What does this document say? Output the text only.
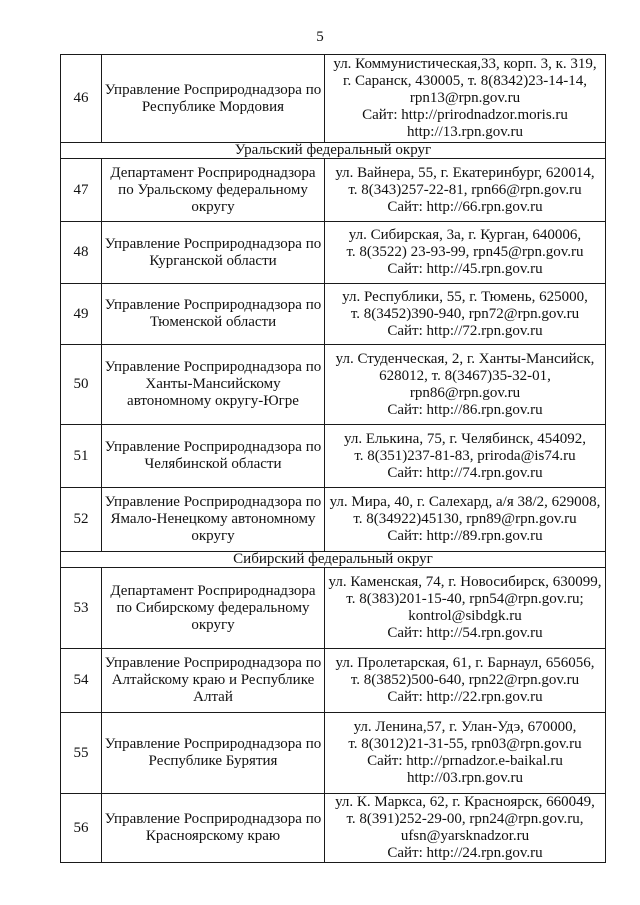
5
46	Управление Росприроднадзора по
Республике Мордовия	ул. Коммунистическая,33, корп. 3, к. 319,
г. Саранск, 430005, т. 8(8342)23-14-14,
rpn13@rpn.gov.ru
Сайт: http://prirodnadzor.moris.ru
http://13.rpn.gov.ru

Уральский федеральный округ		
47	Департамент Росприроднадзора
по Уральскому федеральному
округу	ул. Вайнера, 55, г. Екатеринбург, 620014,
т. 8(343)257-22-81, rpn66@rpn.gov.ru
Сайт: http://66.rpn.gov.ru

48	Управление Росприроднадзора по
Курганской области	ул. Сибирская, 3а, г. Курган, 640006,
т. 8(3522) 23-93-99, rpn45@rpn.gov.ru
Сайт: http://45.rpn.gov.ru

49	Управление Росприроднадзора по
Тюменской области	ул. Республики, 55, г. Тюмень, 625000,
т. 8(3452)390-940, rpn72@rpn.gov.ru
Сайт: http://72.rpn.gov.ru

50	Управление Росприроднадзора по
Ханты-Мансийскому
автономному округу-Югре	ул. Студенческая, 2, г. Ханты-Мансийск,
628012, т. 8(3467)35-32-01,
rpn86@rpn.gov.ru
Сайт: http://86.rpn.gov.ru

51	Управление Росприроднадзора по
Челябинской области	ул. Елькина, 75, г. Челябинск, 454092,
т. 8(351)237-81-83, priroda@is74.ru
Сайт: http://74.rpn.gov.ru

52	Управление Росприроднадзора по
Ямало-Ненецкому автономному
округу	ул. Мира, 40, г. Салехард, а/я 38/2, 629008,
т. 8(34922)45130, rpn89@rpn.gov.ru
Сайт: http://89.rpn.gov.ru

Сибирский федеральный округ		
53	Департамент Росприроднадзора
по Сибирскому федеральному
округу	ул. Каменская, 74, г. Новосибирск, 630099,
т. 8(383)201-15-40, rpn54@rpn.gov.ru;
kontrol@sibdgk.ru
Сайт: http://54.rpn.gov.ru

54	Управление Росприроднадзора по
Алтайскому краю и Республике
Алтай	ул. Пролетарская, 61, г. Барнаул, 656056,
т. 8(3852)500-640, rpn22@rpn.gov.ru
Сайт: http://22.rpn.gov.ru

55	Управление Росприроднадзора по
Республике Бурятия	ул. Ленина,57, г. Улан-Удэ, 670000,
т. 8(3012)21-31-55, rpn03@rpn.gov.ru
Сайт: http://prnadzor.e-baikal.ru
http://03.rpn.gov.ru

56	Управление Росприроднадзора по
Красноярскому краю	ул. К. Маркса, 62, г. Красноярск, 660049,
т. 8(391)252-29-00, rpn24@rpn.gov.ru,
ufsn@yarsknadzor.ru
Сайт: http://24.rpn.gov.ru
